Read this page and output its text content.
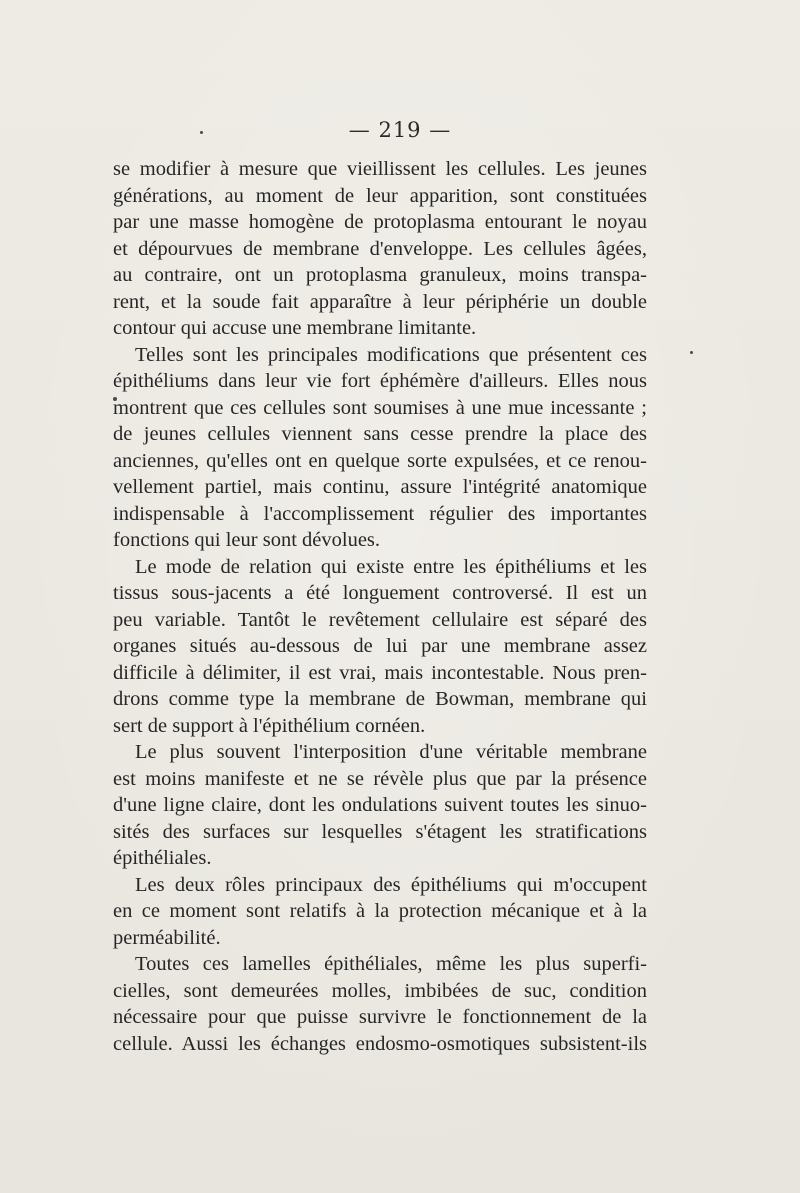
— 219 —
se modifier à mesure que vieillissent les cellules. Les jeunes
générations, au moment de leur apparition, sont constituées
par une masse homogène de protoplasma entourant le noyau
et dépourvues de membrane d'enveloppe. Les cellules âgées,
au contraire, ont un protoplasma granuleux, moins transpa-
rent, et la soude fait apparaître à leur périphérie un double
contour qui accuse une membrane limitante.
Telles sont les principales modifications que présentent ces
épithéliums dans leur vie fort éphémère d'ailleurs. Elles nous
montrent que ces cellules sont soumises à une mue incessante ;
de jeunes cellules viennent sans cesse prendre la place des
anciennes, qu'elles ont en quelque sorte expulsées, et ce renou-
vellement partiel, mais continu, assure l'intégrité anatomique
indispensable à l'accomplissement régulier des importantes
fonctions qui leur sont dévolues.
Le mode de relation qui existe entre les épithéliums et les
tissus sous-jacents a été longuement controversé. Il est un
peu variable. Tantôt le revêtement cellulaire est séparé des
organes situés au-dessous de lui par une membrane assez
difficile à délimiter, il est vrai, mais incontestable. Nous pren-
drons comme type la membrane de Bowman, membrane qui
sert de support à l'épithélium cornéen.
Le plus souvent l'interposition d'une véritable membrane
est moins manifeste et ne se révèle plus que par la présence
d'une ligne claire, dont les ondulations suivent toutes les sinuo-
sités des surfaces sur lesquelles s'étagent les stratifications
épithéliales.
Les deux rôles principaux des épithéliums qui m'occupent
en ce moment sont relatifs à la protection mécanique et à la
perméabilité.
Toutes ces lamelles épithéliales, même les plus superfi-
cielles, sont demeurées molles, imbibées de suc, condition
nécessaire pour que puisse survivre le fonctionnement de la
cellule. Aussi les échanges endosmo-osmotiques subsistent-ils
